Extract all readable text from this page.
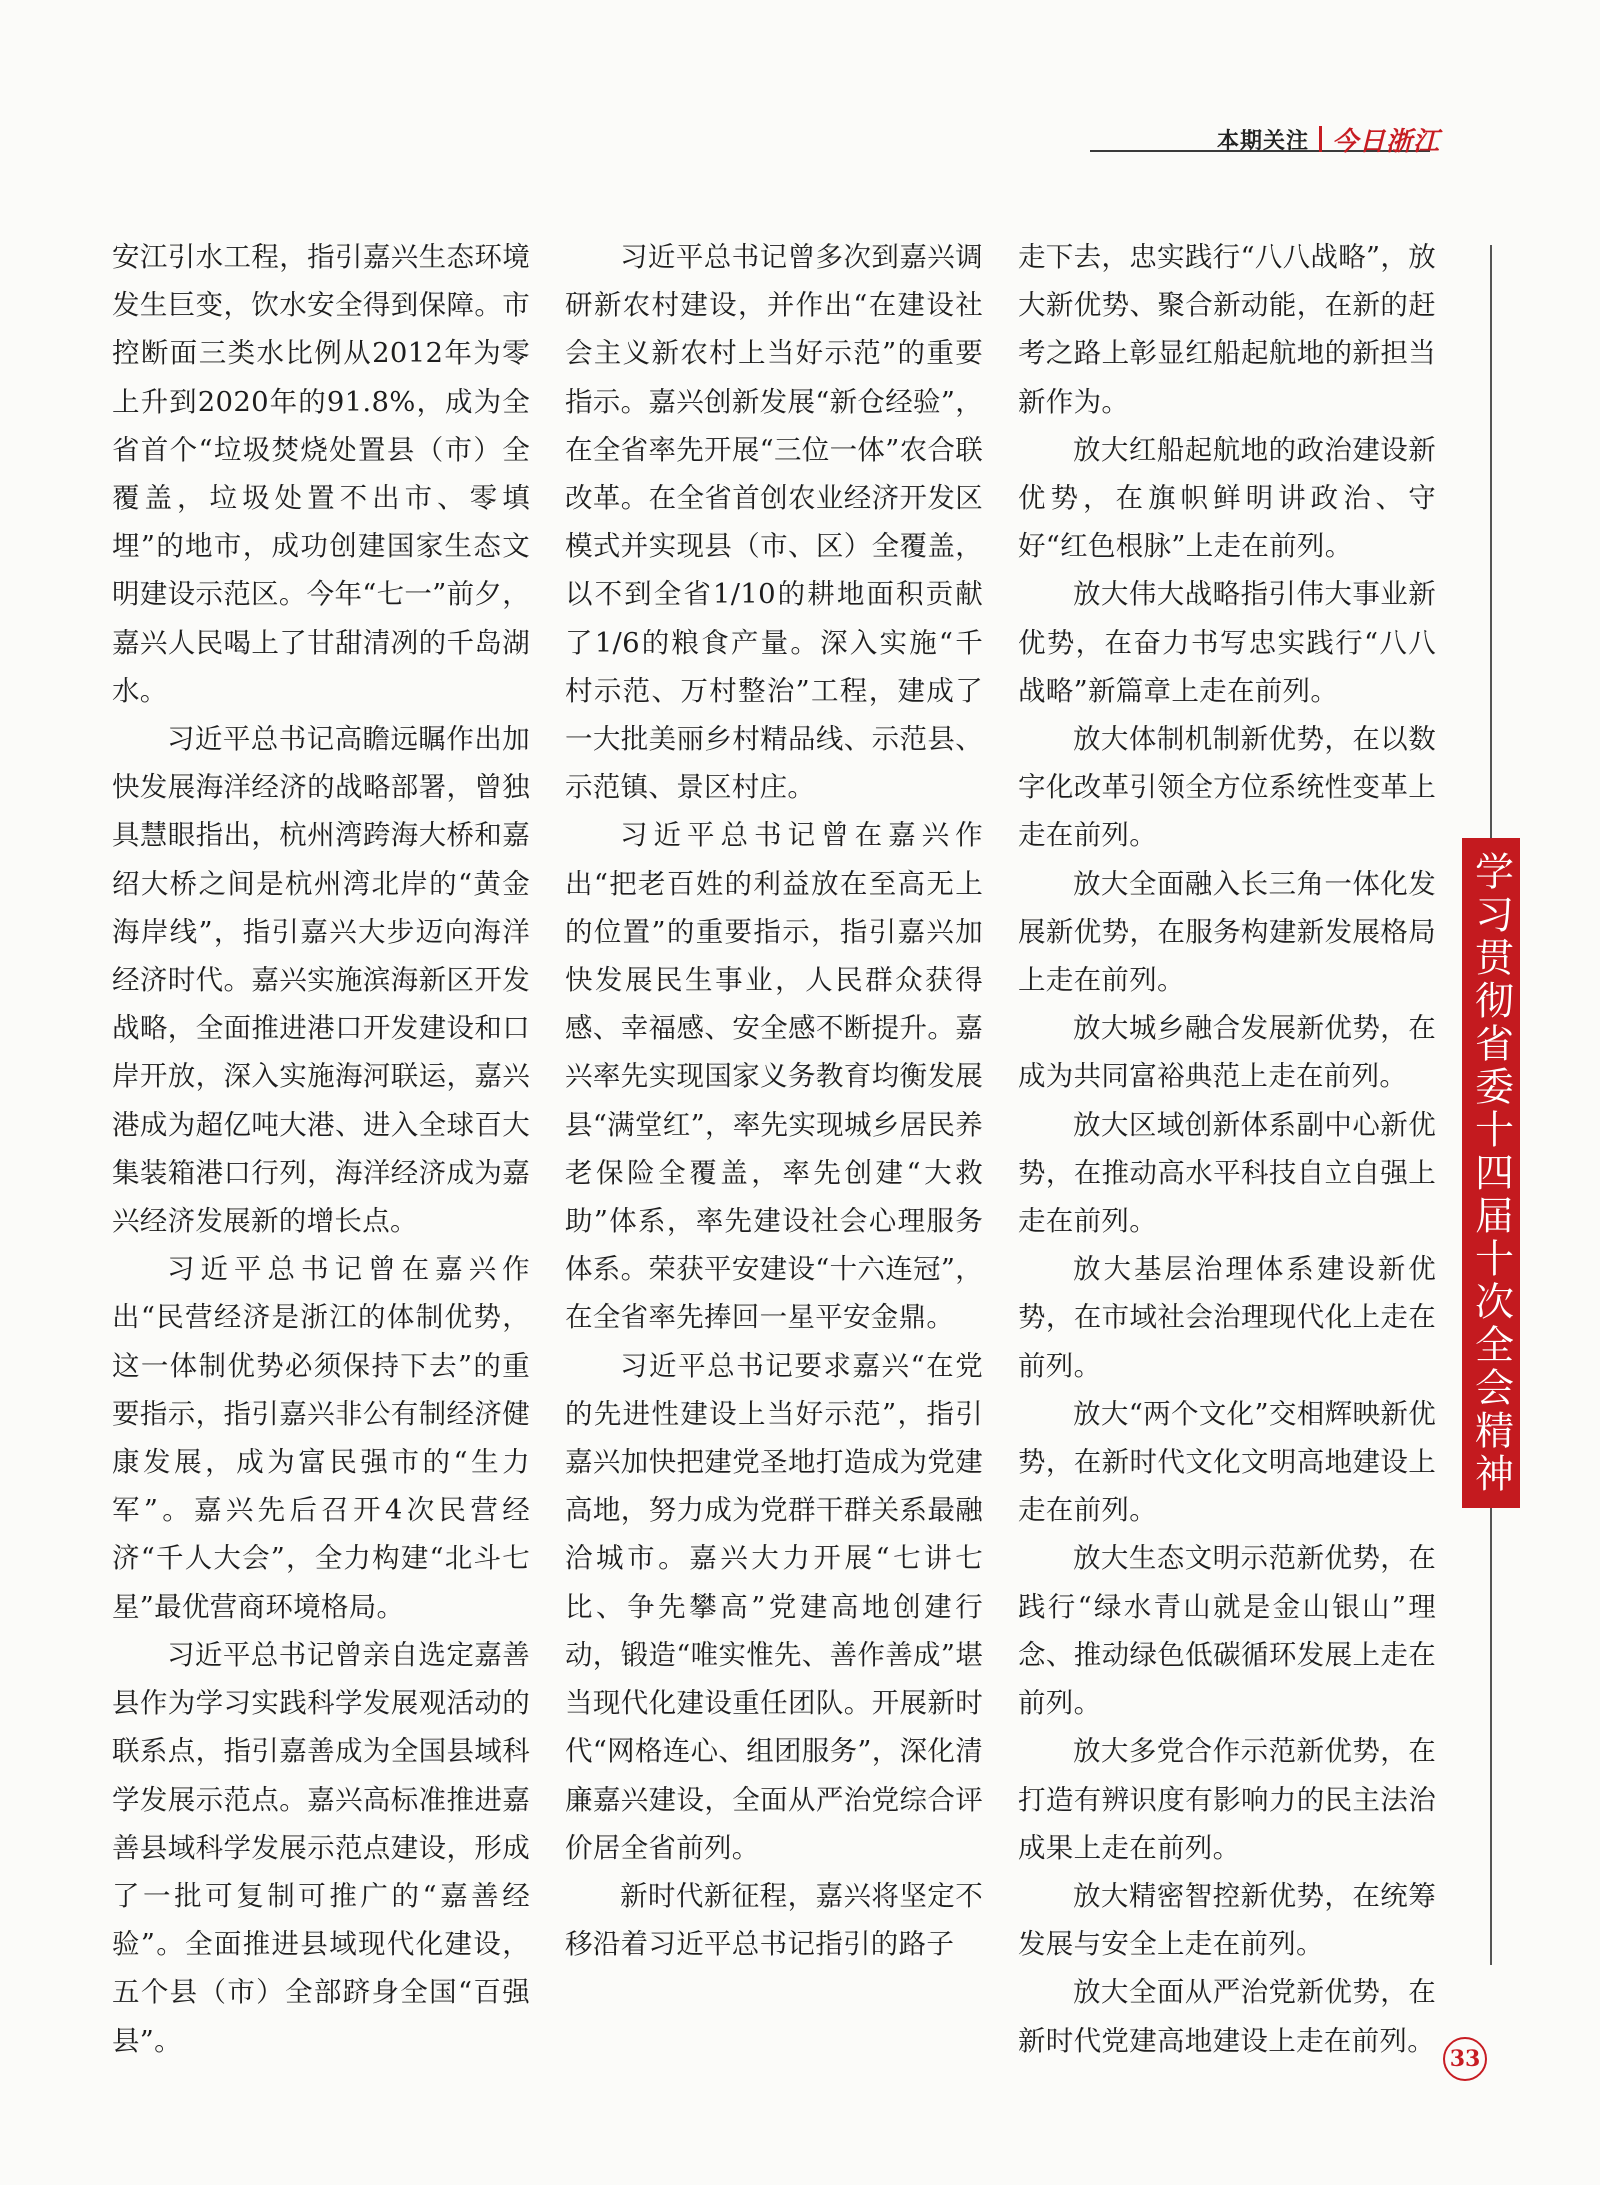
本期关注 今日浙江

安江引水工程，指引嘉兴生态环境发生巨变，饮水安全得到保障。市控断面三类水比例从2012年为零上升到2020年的91.8%，成为全省首个“垃圾焚烧处置县（市）全覆盖，垃圾处置不出市、零填埋”的地市，成功创建国家生态文明建设示范区。今年“七一”前夕，嘉兴人民喝上了甘甜清冽的千岛湖水。

习近平总书记高瞻远瞩作出加快发展海洋经济的战略部署，曾独具慧眼指出，杭州湾跨海大桥和嘉绍大桥之间是杭州湾北岸的“黄金海岸线”，指引嘉兴大步迈向海洋经济时代。嘉兴实施滨海新区开发战略，全面推进港口开发建设和口岸开放，深入实施海河联运，嘉兴港成为超亿吨大港、进入全球百大集装箱港口行列，海洋经济成为嘉兴经济发展新的增长点。

习近平总书记曾在嘉兴作出“民营经济是浙江的体制优势，这一体制优势必须保持下去”的重要指示，指引嘉兴非公有制经济健康发展，成为富民强市的“生力军”。嘉兴先后召开4次民营经济“千人大会”，全力构建“北斗七星”最优营商环境格局。

习近平总书记曾亲自选定嘉善县作为学习实践科学发展观活动的联系点，指引嘉善成为全国县域科学发展示范点。嘉兴高标准推进嘉善县域科学发展示范点建设，形成了一批可复制可推广的“嘉善经验”。全面推进县域现代化建设，五个县（市）全部跻身全国“百强县”。

习近平总书记曾多次到嘉兴调研新农村建设，并作出“在建设社会主义新农村上当好示范”的重要指示。嘉兴创新发展“新仓经验”，在全省率先开展“三位一体”农合联改革。在全省首创农业经济开发区模式并实现县（市、区）全覆盖，以不到全省1/10的耕地面积贡献了1/6的粮食产量。深入实施“千村示范、万村整治”工程，建成了一大批美丽乡村精品线、示范县、示范镇、景区村庄。

习近平总书记曾在嘉兴作出“把老百姓的利益放在至高无上的位置”的重要指示，指引嘉兴加快发展民生事业，人民群众获得感、幸福感、安全感不断提升。嘉兴率先实现国家义务教育均衡发展县“满堂红”，率先实现城乡居民养老保险全覆盖，率先创建“大救助”体系，率先建设社会心理服务体系。荣获平安建设“十六连冠”，在全省率先捧回一星平安金鼎。

习近平总书记要求嘉兴“在党的先进性建设上当好示范”，指引嘉兴加快把建党圣地打造成为党建高地，努力成为党群干群关系最融洽城市。嘉兴大力开展“七讲七比、争先攀高”党建高地创建行动，锻造“唯实惟先、善作善成”堪当现代化建设重任团队。开展新时代“网格连心、组团服务”，深化清廉嘉兴建设，全面从严治党综合评价居全省前列。

新时代新征程，嘉兴将坚定不移沿着习近平总书记指引的路子

走下去，忠实践行“八八战略”，放大新优势、聚合新动能，在新的赶考之路上彰显红船起航地的新担当新作为。

放大红船起航地的政治建设新优势，在旗帜鲜明讲政治、守好“红色根脉”上走在前列。

放大伟大战略指引伟大事业新优势，在奋力书写忠实践行“八八战略”新篇章上走在前列。

放大体制机制新优势，在以数字化改革引领全方位系统性变革上走在前列。

放大全面融入长三角一体化发展新优势，在服务构建新发展格局上走在前列。

放大城乡融合发展新优势，在成为共同富裕典范上走在前列。

放大区域创新体系副中心新优势，在推动高水平科技自立自强上走在前列。

放大基层治理体系建设新优势，在市域社会治理现代化上走在前列。

放大“两个文化”交相辉映新优势，在新时代文化文明高地建设上走在前列。

放大生态文明示范新优势，在践行“绿水青山就是金山银山”理念、推动绿色低碳循环发展上走在前列。

放大多党合作示范新优势，在打造有辨识度有影响力的民主法治成果上走在前列。

放大精密智控新优势，在统筹发展与安全上走在前列。

放大全面从严治党新优势，在新时代党建高地建设上走在前列。

学习贯彻省委十四届十次全会精神
33
